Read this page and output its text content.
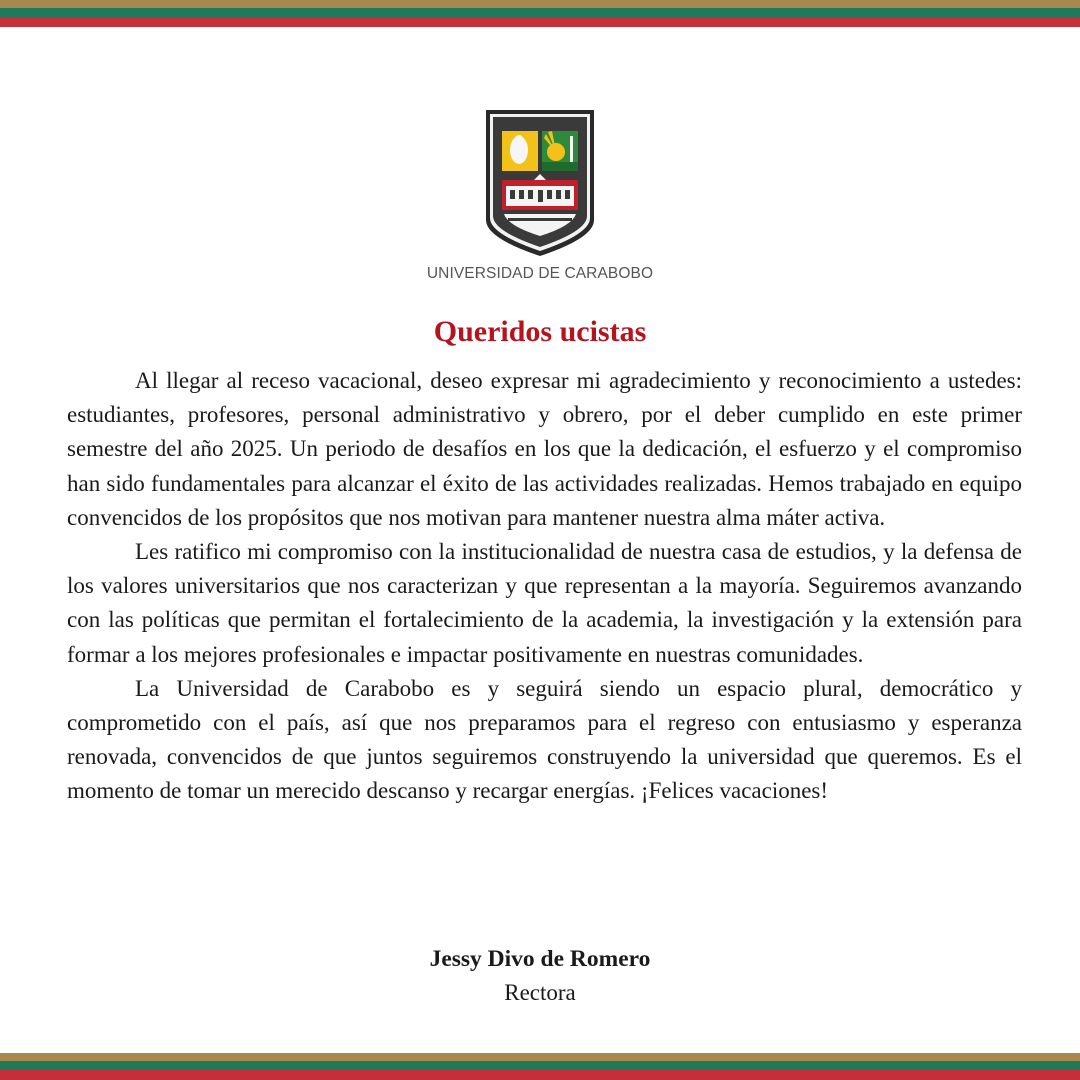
UNIVERSIDAD DE CARABOBO
Queridos ucistas

Al llegar al receso vacacional, deseo expresar mi agradecimiento y reconocimiento a ustedes: estudiantes, profesores, personal administrativo y obrero, por el deber cumplido en este primer semestre del año 2025. Un periodo de desafíos en los que la dedicación, el esfuerzo y el compromiso han sido fundamentales para alcanzar el éxito de las actividades realizadas. Hemos trabajado en equipo convencidos de los propósitos que nos motivan para mantener nuestra alma máter activa.

Les ratifico mi compromiso con la institucionalidad de nuestra casa de estudios, y la defensa de los valores universitarios que nos caracterizan y que representan a la mayoría. Seguiremos avanzando con las políticas que permitan el fortalecimiento de la academia, la investigación y la extensión para formar a los mejores profesionales e impactar positivamente en nuestras comunidades.

La Universidad de Carabobo es y seguirá siendo un espacio plural, democrático y comprometido con el país, así que nos preparamos para el regreso con entusiasmo y esperanza renovada, convencidos de que juntos seguiremos construyendo la universidad que queremos. Es el momento de tomar un merecido descanso y recargar energías. ¡Felices vacaciones!

Jessy Divo de Romero
Rectora
